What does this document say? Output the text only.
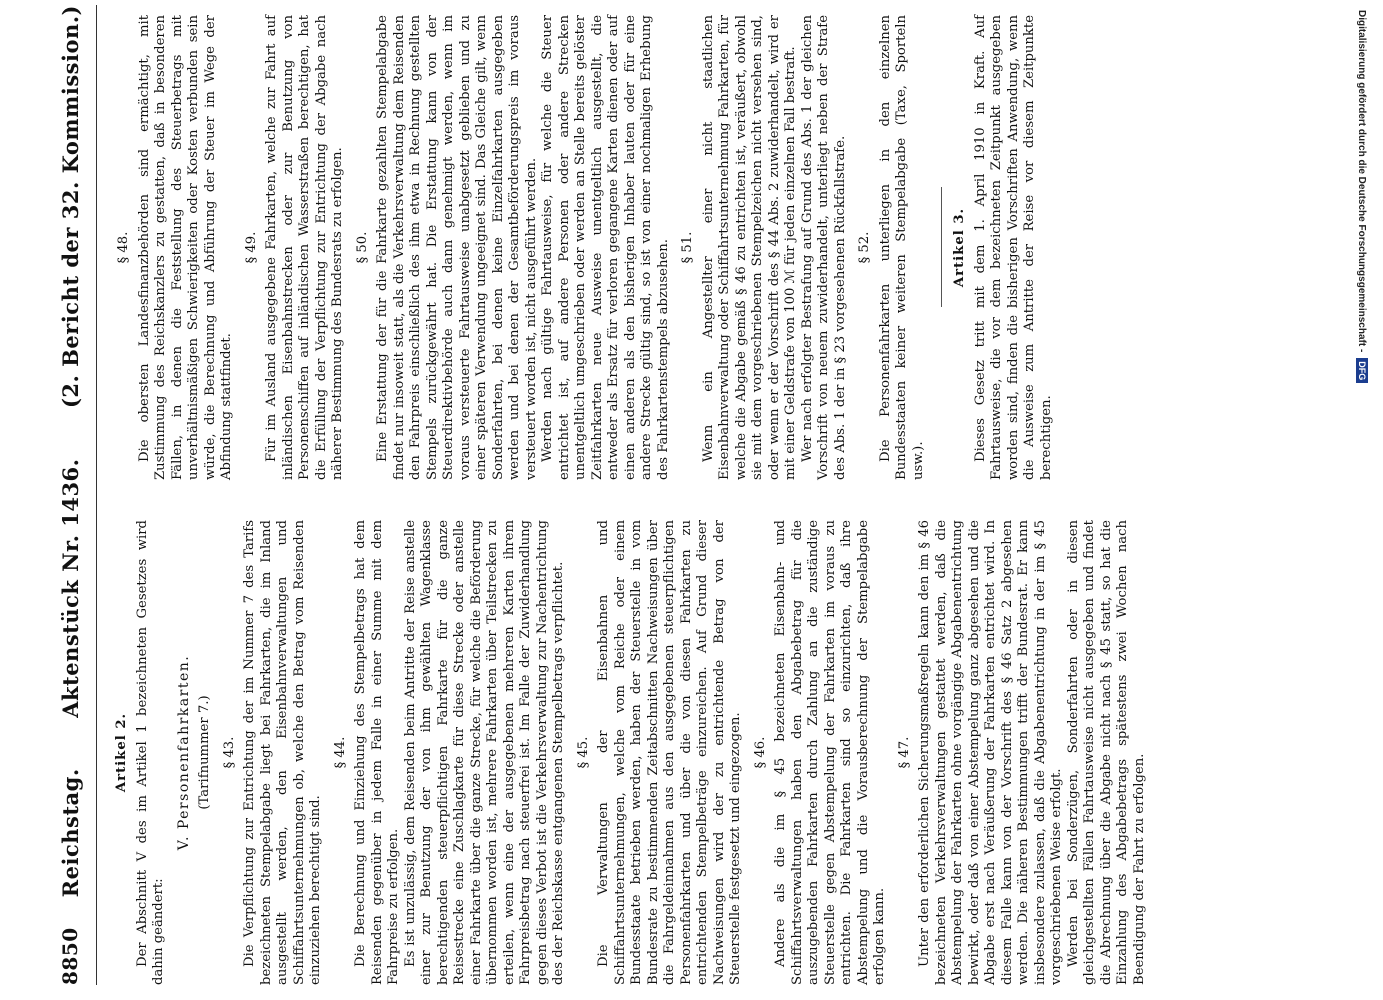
8850
Reichstag.
Aktenstück Nr. 1436.
(2. Bericht der 32. Kommission.)

Artikel 2. Der Abschnitt V des im Artikel 1 bezeichneten Gesetzes wird dahin geändert:

V. Personenfahrkarten. (Tarifnummer 7.) § 43. Die Verpflichtung zur Entrichtung der im Nummer 7 des Tarifs bezeichneten Stempelabgabe liegt bei Fahrkarten, die im Inland ausgestellt werden, den Eisenbahnverwaltungen und Schiffahrtsunternehmungen ob, welche den Betrag vom Reisenden einzuziehen berechtigt sind.

§ 44. Die Berechnung und Einziehung des Stempelbetrags hat dem Reisenden gegenüber in jedem Falle in einer Summe mit dem Fahrpreise zu erfolgen. Es ist unzulässig, dem Reisenden beim Antritte der Reise anstelle einer zur Benutzung der von ihm gewählten Wagenklasse berechtigenden steuerpflichtigen Fahrkarte für die ganze Reisestrecke eine Zuschlagkarte für diese Strecke oder anstelle einer Fahrkarte über die ganze Strecke, für welche die Beförderung übernommen worden ist, mehrere Fahrkarten über Teilstrecken zu erteilen, wenn eine der ausgegebenen mehreren Karten ihrem Fahrpreisbetrag nach steuerfrei ist. Im Falle der Zuwiderhandlung gegen dieses Verbot ist die Verkehrsverwaltung zur Nachentrichtung des der Reichskasse entgangenen Stempelbetrags verpflichtet. § 45. Die Verwaltungen der Eisenbahnen und Schiffahrtsunternehmungen, welche vom Reiche oder einem Bundesstaate betrieben werden, haben der Steuerstelle in vom Bundesrate zu bestimmenden Zeitabschnitten Nachweisungen über die Fahrgeldeinnahmen aus den ausgegebenen steuerpflichtigen Personenfahrkarten und über die von diesen Fahrkarten zu entrichtenden Stempelbeträge einzureichen. Auf Grund dieser Nachweisungen wird der zu entrichtende Betrag von der Steuerstelle festgesetzt und eingezogen. § 46. Andere als die im § 45 bezeichneten Eisenbahn- und Schiffahrtsverwaltungen haben den Abgabebetrag für die auszugebenden Fahrkarten durch Zahlung an die zuständige Steuerstelle gegen Abstempelung der Fahrkarten im voraus zu entrichten. Die Fahrkarten sind so einzurichten, daß ihre Abstempelung und die Vorausberechnung der Stempelabgabe erfolgen kann.

§ 47. Unter den erforderlichen Sicherungsmaßregeln kann den im § 46 bezeichneten Verkehrsverwaltungen gestattet werden, daß die Abstempelung der Fahrkarten ohne vorgängige Abgabenentrichtung bewirkt, oder daß von einer Abstempelung ganz abgesehen und die Abgabe erst nach Veräußerung der Fahrkarten entrichtet wird. In diesem Falle kann von der Vorschrift des § 46 Satz 2 abgesehen werden. Die näheren Bestimmungen trifft der Bundesrat. Er kann insbesondere zulassen, daß die Abgabenentrichtung in der im § 45 vorgeschriebenen Weise erfolgt. Werden bei Sonderzügen, Sonderfahrten oder in diesen gleichgestellten Fällen Fahrtausweise nicht ausgegeben und findet die Abrechnung über die Abgabe nicht nach § 45 statt, so hat die Einzahlung des Abgabebetrags spätestens zwei Wochen nach Beendigung der Fahrt zu erfolgen.

§ 48. Die obersten Landesfinanzbehörden sind ermächtigt, mit Zustimmung des Reichskanzlers zu gestatten, daß in besonderen Fällen, in denen die Feststellung des Steuerbetrags mit unverhältnismäßigen Schwierigkeiten oder Kosten verbunden sein würde, die Berechnung und Abführung der Steuer im Wege der Abfindung stattfindet.

§ 49. Für im Ausland ausgegebene Fahrkarten, welche zur Fahrt auf inländischen Eisenbahnstrecken oder zur Benutzung von Personenschiffen auf inländischen Wasserstraßen berechtigen, hat die Erfüllung der Verpflichtung zur Entrichtung der Abgabe nach näherer Bestimmung des Bundesrats zu erfolgen. § 50. Eine Erstattung der für die Fahrkarte gezahlten Stempelabgabe findet nur insoweit statt, als die Verkehrsverwaltung dem Reisenden den Fahrpreis einschließlich des ihm etwa in Rechnung gestellten Stempels zurückgewährt hat. Die Erstattung kann von der Steuerdirektivbehörde auch dann genehmigt werden, wenn im voraus versteuerte Fahrtausweise unabgesetzt geblieben und zu einer späteren Verwendung ungeeignet sind. Das Gleiche gilt, wenn Sonderfahrten, bei denen keine Einzelfahrkarten ausgegeben werden und bei denen der Gesamtbeförderungspreis im voraus versteuert worden ist, nicht ausgeführt werden. Werden nach gültige Fahrtausweise, für welche die Steuer entrichtet ist, auf andere Personen oder andere Strecken unentgeltlich umgeschrieben oder werden an Stelle bereits gelöster Zeitfahrkarten neue Ausweise unentgeltlich ausgestellt, die entweder als Ersatz für verloren gegangene Karten dienen oder auf einen anderen als den bisherigen Inhaber lauten oder für eine andere Strecke gültig sind, so ist von einer nochmaligen Erhebung des Fahrkartenstempels abzusehen. § 51. Wenn ein Angestellter einer nicht staatlichen Eisenbahnverwaltung oder Schiffahrtsunternehmung Fahrkarten, für welche die Abgabe gemäß § 46 zu entrichten ist, veräußert, obwohl sie mit dem vorgeschriebenen Stempelzeichen nicht versehen sind, oder wenn er der Vorschrift des § 44 Abs. 2 zuwiderhandelt, wird er mit einer Geldstrafe von 100 ℳ für jeden einzelnen Fall bestraft. Wer nach erfolgter Bestrafung auf Grund des Abs. 1 der gleichen Vorschrift von neuem zuwiderhandelt, unterliegt neben der Strafe des Abs. 1 der in § 23 vorgesehenen Rückfallstrafe. § 52. Die Personenfahrkarten unterliegen in den einzelnen Bundesstaaten keiner weiteren Stempelabgabe (Taxe, Sporteln usw.).

Artikel 3. Dieses Gesetz tritt mit dem 1. April 1910 in Kraft. Auf Fahrtausweise, die vor dem bezeichneten Zeitpunkt ausgegeben worden sind, finden die bisherigen Vorschriften Anwendung, wenn die Ausweise zum Antritte der Reise vor diesem Zeitpunkte berechtigen.

Digitalisierung gefördert durch die Deutsche Forschungsgemeinschaft -
DFG
